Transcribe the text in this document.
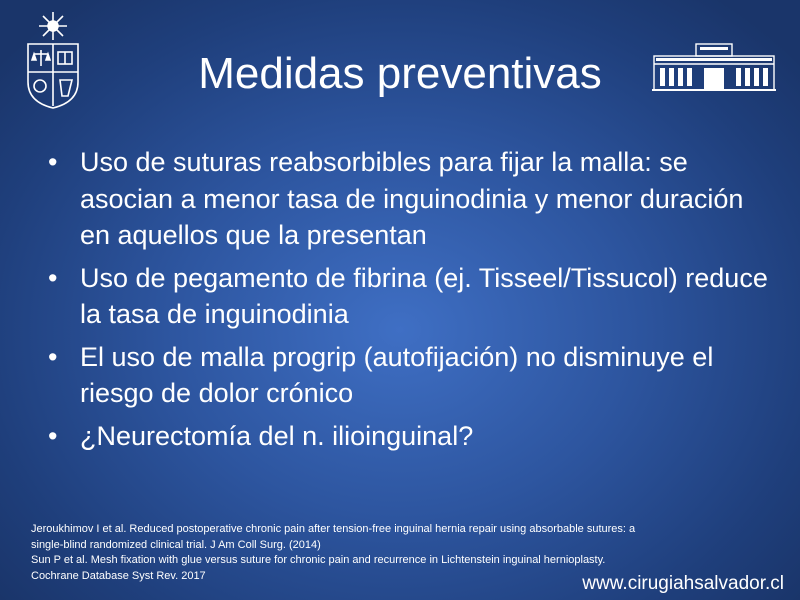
Medidas preventivas
• Uso de suturas reabsorbibles para fijar la malla: se asocian a menor tasa de inguinodinia y menor duración en aquellos que la presentan
• Uso de pegamento de fibrina (ej. Tisseel/Tissucol) reduce la tasa de inguinodinia
• El uso de malla progrip (autofijación) no disminuye el riesgo de dolor crónico
• ¿Neurectomía del n. ilioinguinal?
Jeroukhimov I et al. Reduced postoperative chronic pain after tension-free inguinal hernia repair using absorbable sutures: a
single-blind randomized clinical trial. J Am Coll Surg. (2014)
Sun P et al. Mesh fixation with glue versus suture for chronic pain and recurrence in Lichtenstein inguinal hernioplasty.
Cochrane Database Syst Rev. 2017	www.cirugiahsalvador.cl
